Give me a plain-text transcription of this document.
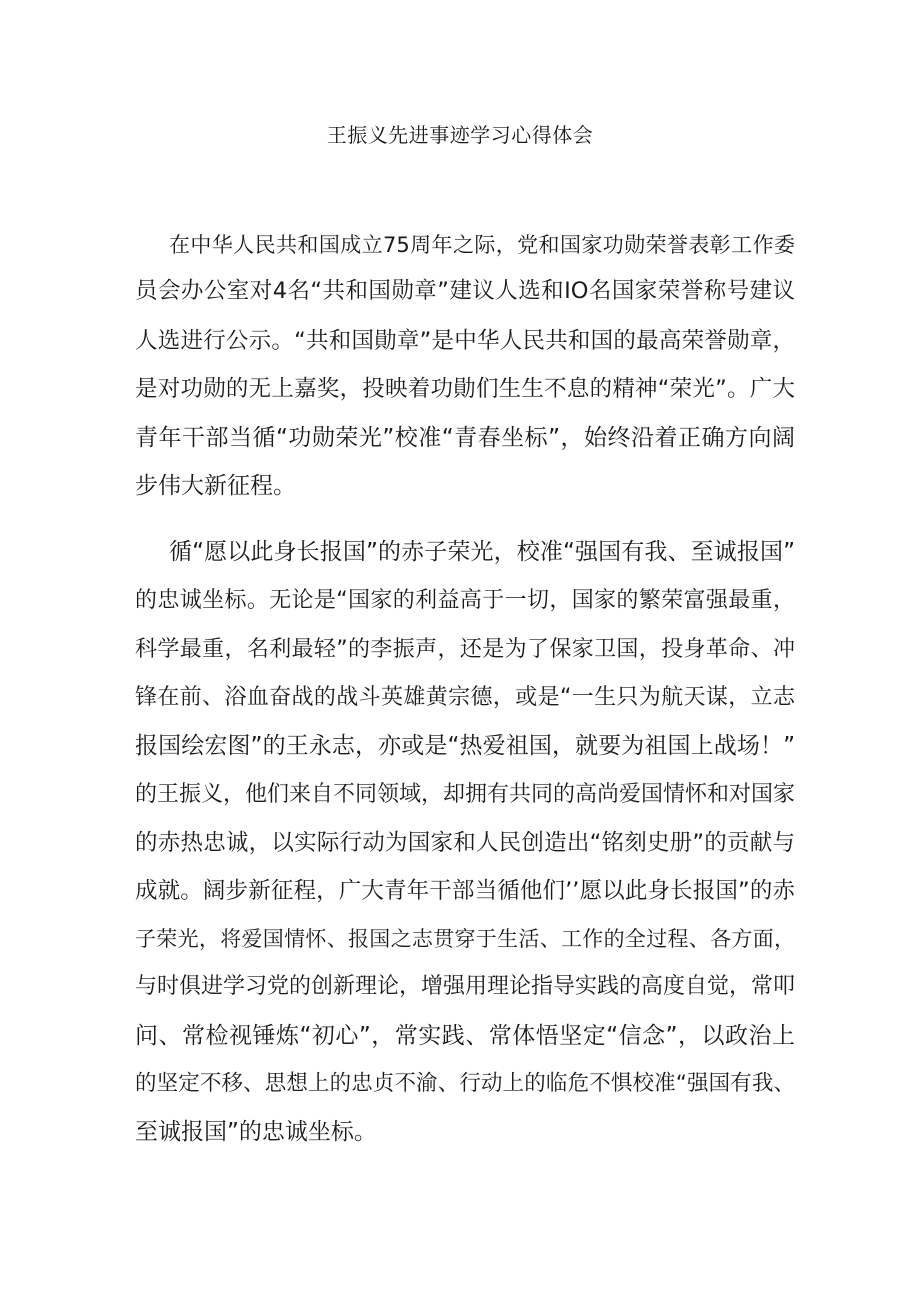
王振义先进事迹学习心得体会

在中华人民共和国成立75周年之际，党和国家功勋荣誉表彰工作委

员会办公室对4名“共和国勋章”建议人选和IO名国家荣誉称号建议

人选进行公示。“共和国勛章”是中华人民共和国的最高荣誉勋章，

是对功勋的无上嘉奖，投映着功勛们生生不息的精神“荣光”。广大

青年干部当循“功勋荣光”校准“青春坐标”，始终沿着正确方向阔

步伟大新征程。

循“愿以此身长报国”的赤子荣光，校准“强国有我、至诚报国”

的忠诚坐标。无论是“国家的利益高于一切，国家的繁荣富强最重，

科学最重，名利最轻”的李振声，还是为了保家卫国，投身革命、冲

锋在前、浴血奋战的战斗英雄黄宗德，或是“一生只为航天谋，立志

报国绘宏图”的王永志，亦或是“热爱祖国，就要为祖国上战场！”

的王振义，他们来自不同领域，却拥有共同的高尚爱国情怀和对国家

的赤热忠诚，以实际行动为国家和人民创造出“铭刻史册”的贡献与

成就。阔步新征程，广大青年干部当循他们’’愿以此身长报国”的赤

子荣光，将爱国情怀、报国之志贯穿于生活、工作的全过程、各方面，

与时俱进学习党的创新理论，增强用理论指导实践的高度自觉，常叩

问、常检视锤炼“初心”，常实践、常体悟坚定“信念”，以政治上

的坚定不移、思想上的忠贞不渝、行动上的临危不惧校准“强国有我、

至诚报国”的忠诚坐标。
